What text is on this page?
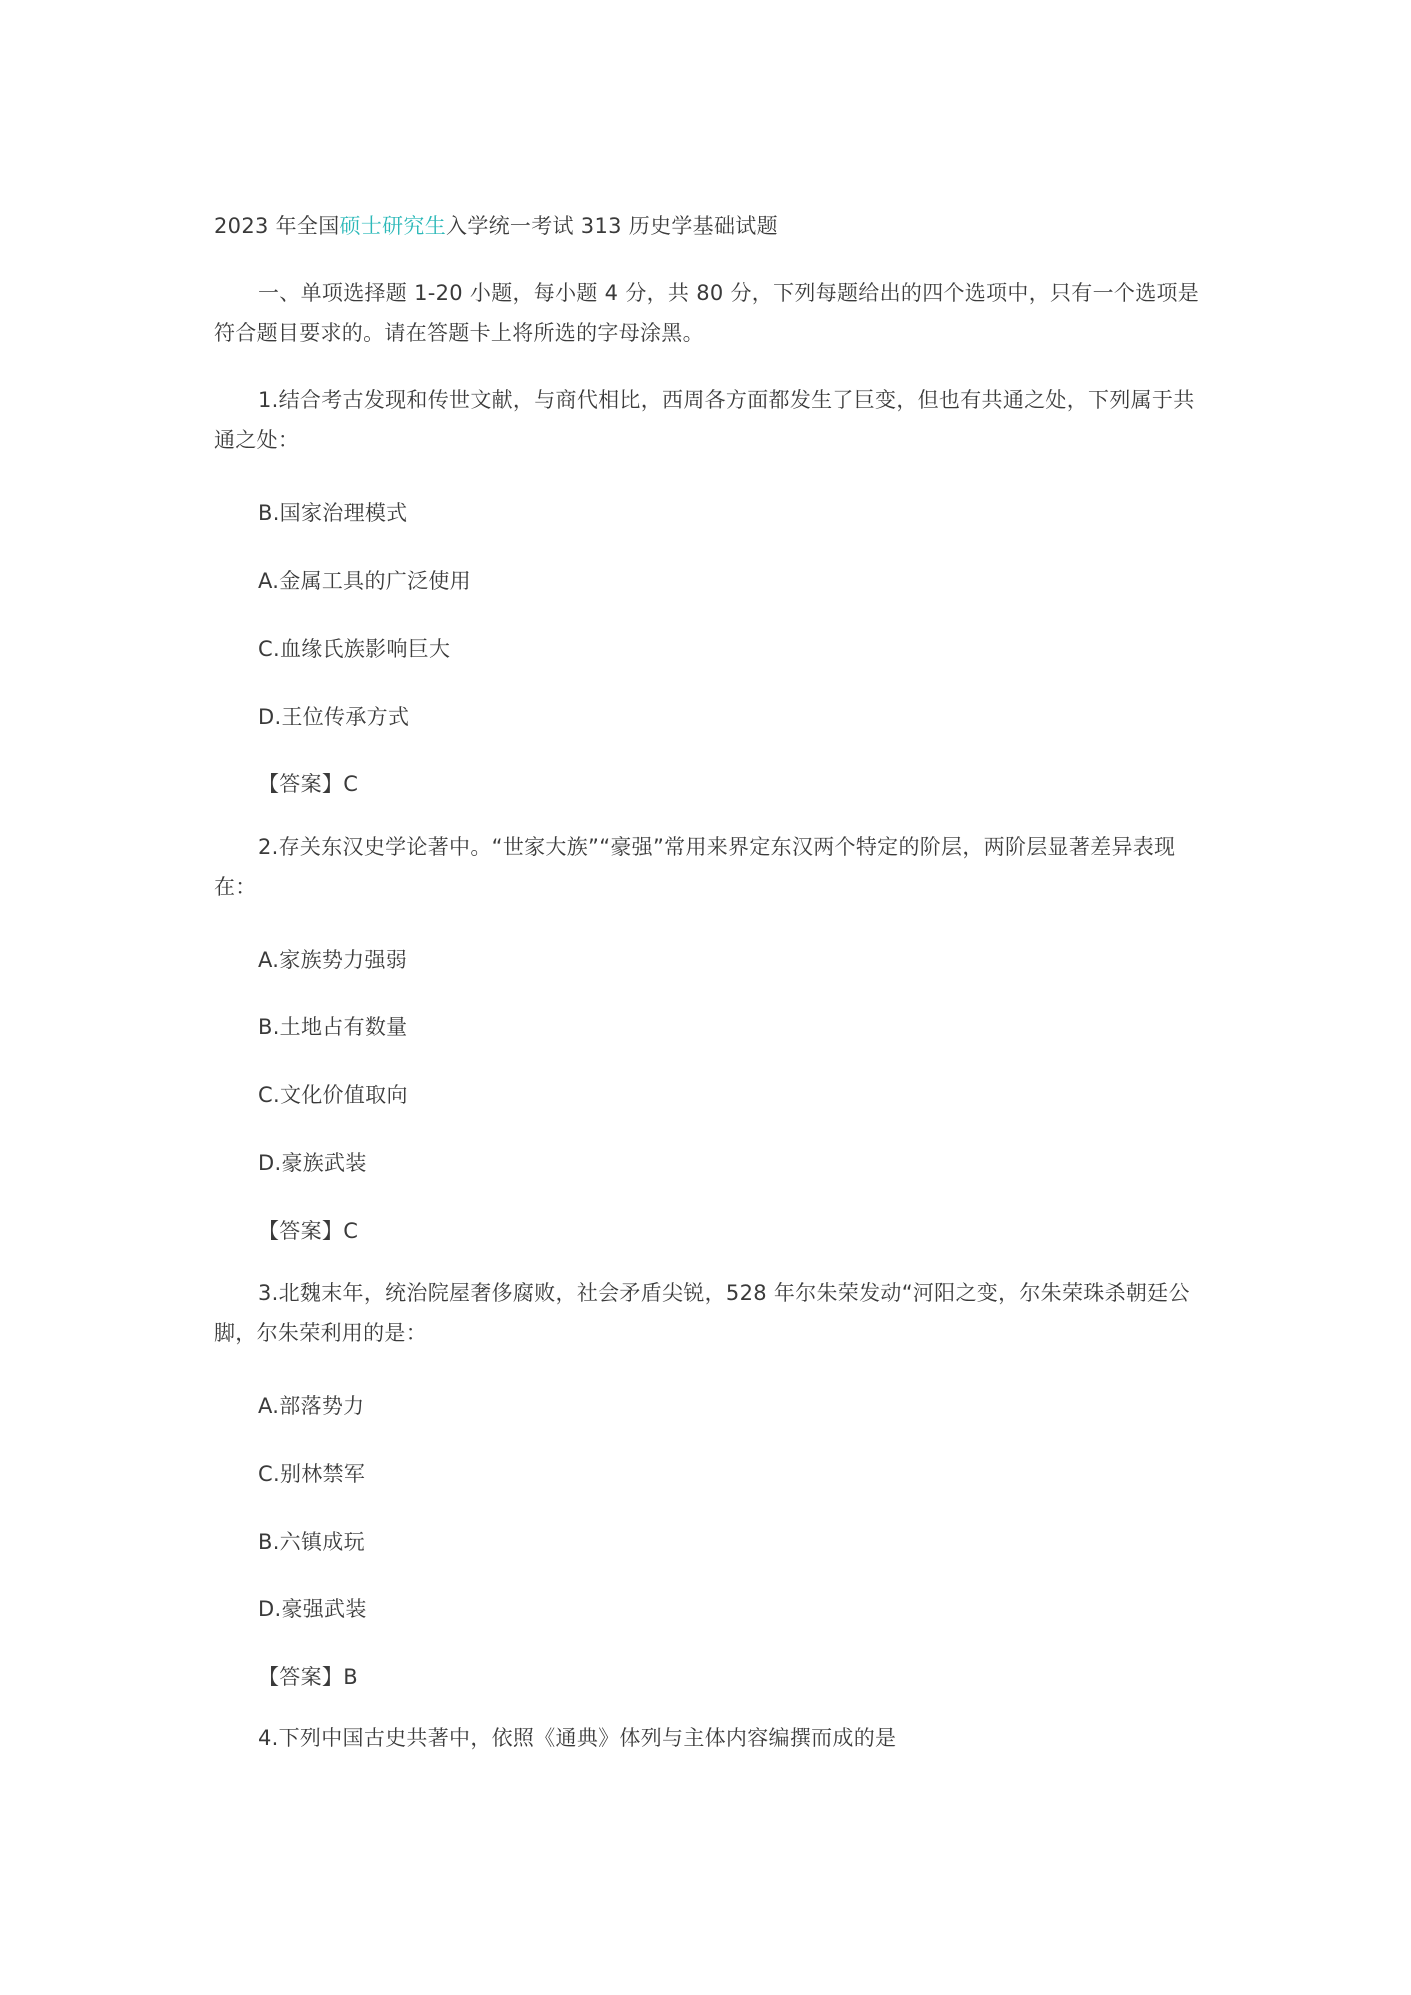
2023 年全国硕士研究生入学统一考试 313 历史学基础试题
一、单项选择题 1-20 小题，每小题 4 分，共 80 分，下列每题给出的四个选项中，只有一个选项是符合题目要求的。请在答题卡上将所选的字母涂黑。
1.结合考古发现和传世文献，与商代相比，西周各方面都发生了巨变，但也有共通之处，下列属于共通之处：
B.国家治理模式
A.金属工具的广泛使用
C.血缘氏族影响巨大
D.王位传承方式
【答案】C
2.存关东汉史学论著中。“世家大族”“豪强”常用来界定东汉两个特定的阶层，两阶层显著差异表现在：
A.家族势力强弱
B.土地占有数量
C.文化价值取向
D.豪族武装
【答案】C
3.北魏末年，统治院屋奢侈腐败，社会矛盾尖锐，528 年尔朱荣发动“河阳之变，尔朱荣珠杀朝廷公脚，尔朱荣利用的是：
A.部落势力
C.别林禁军
B.六镇成玩
D.豪强武装
【答案】B
4.下列中国古史共著中，依照《通典》体列与主体内容编撰而成的是
